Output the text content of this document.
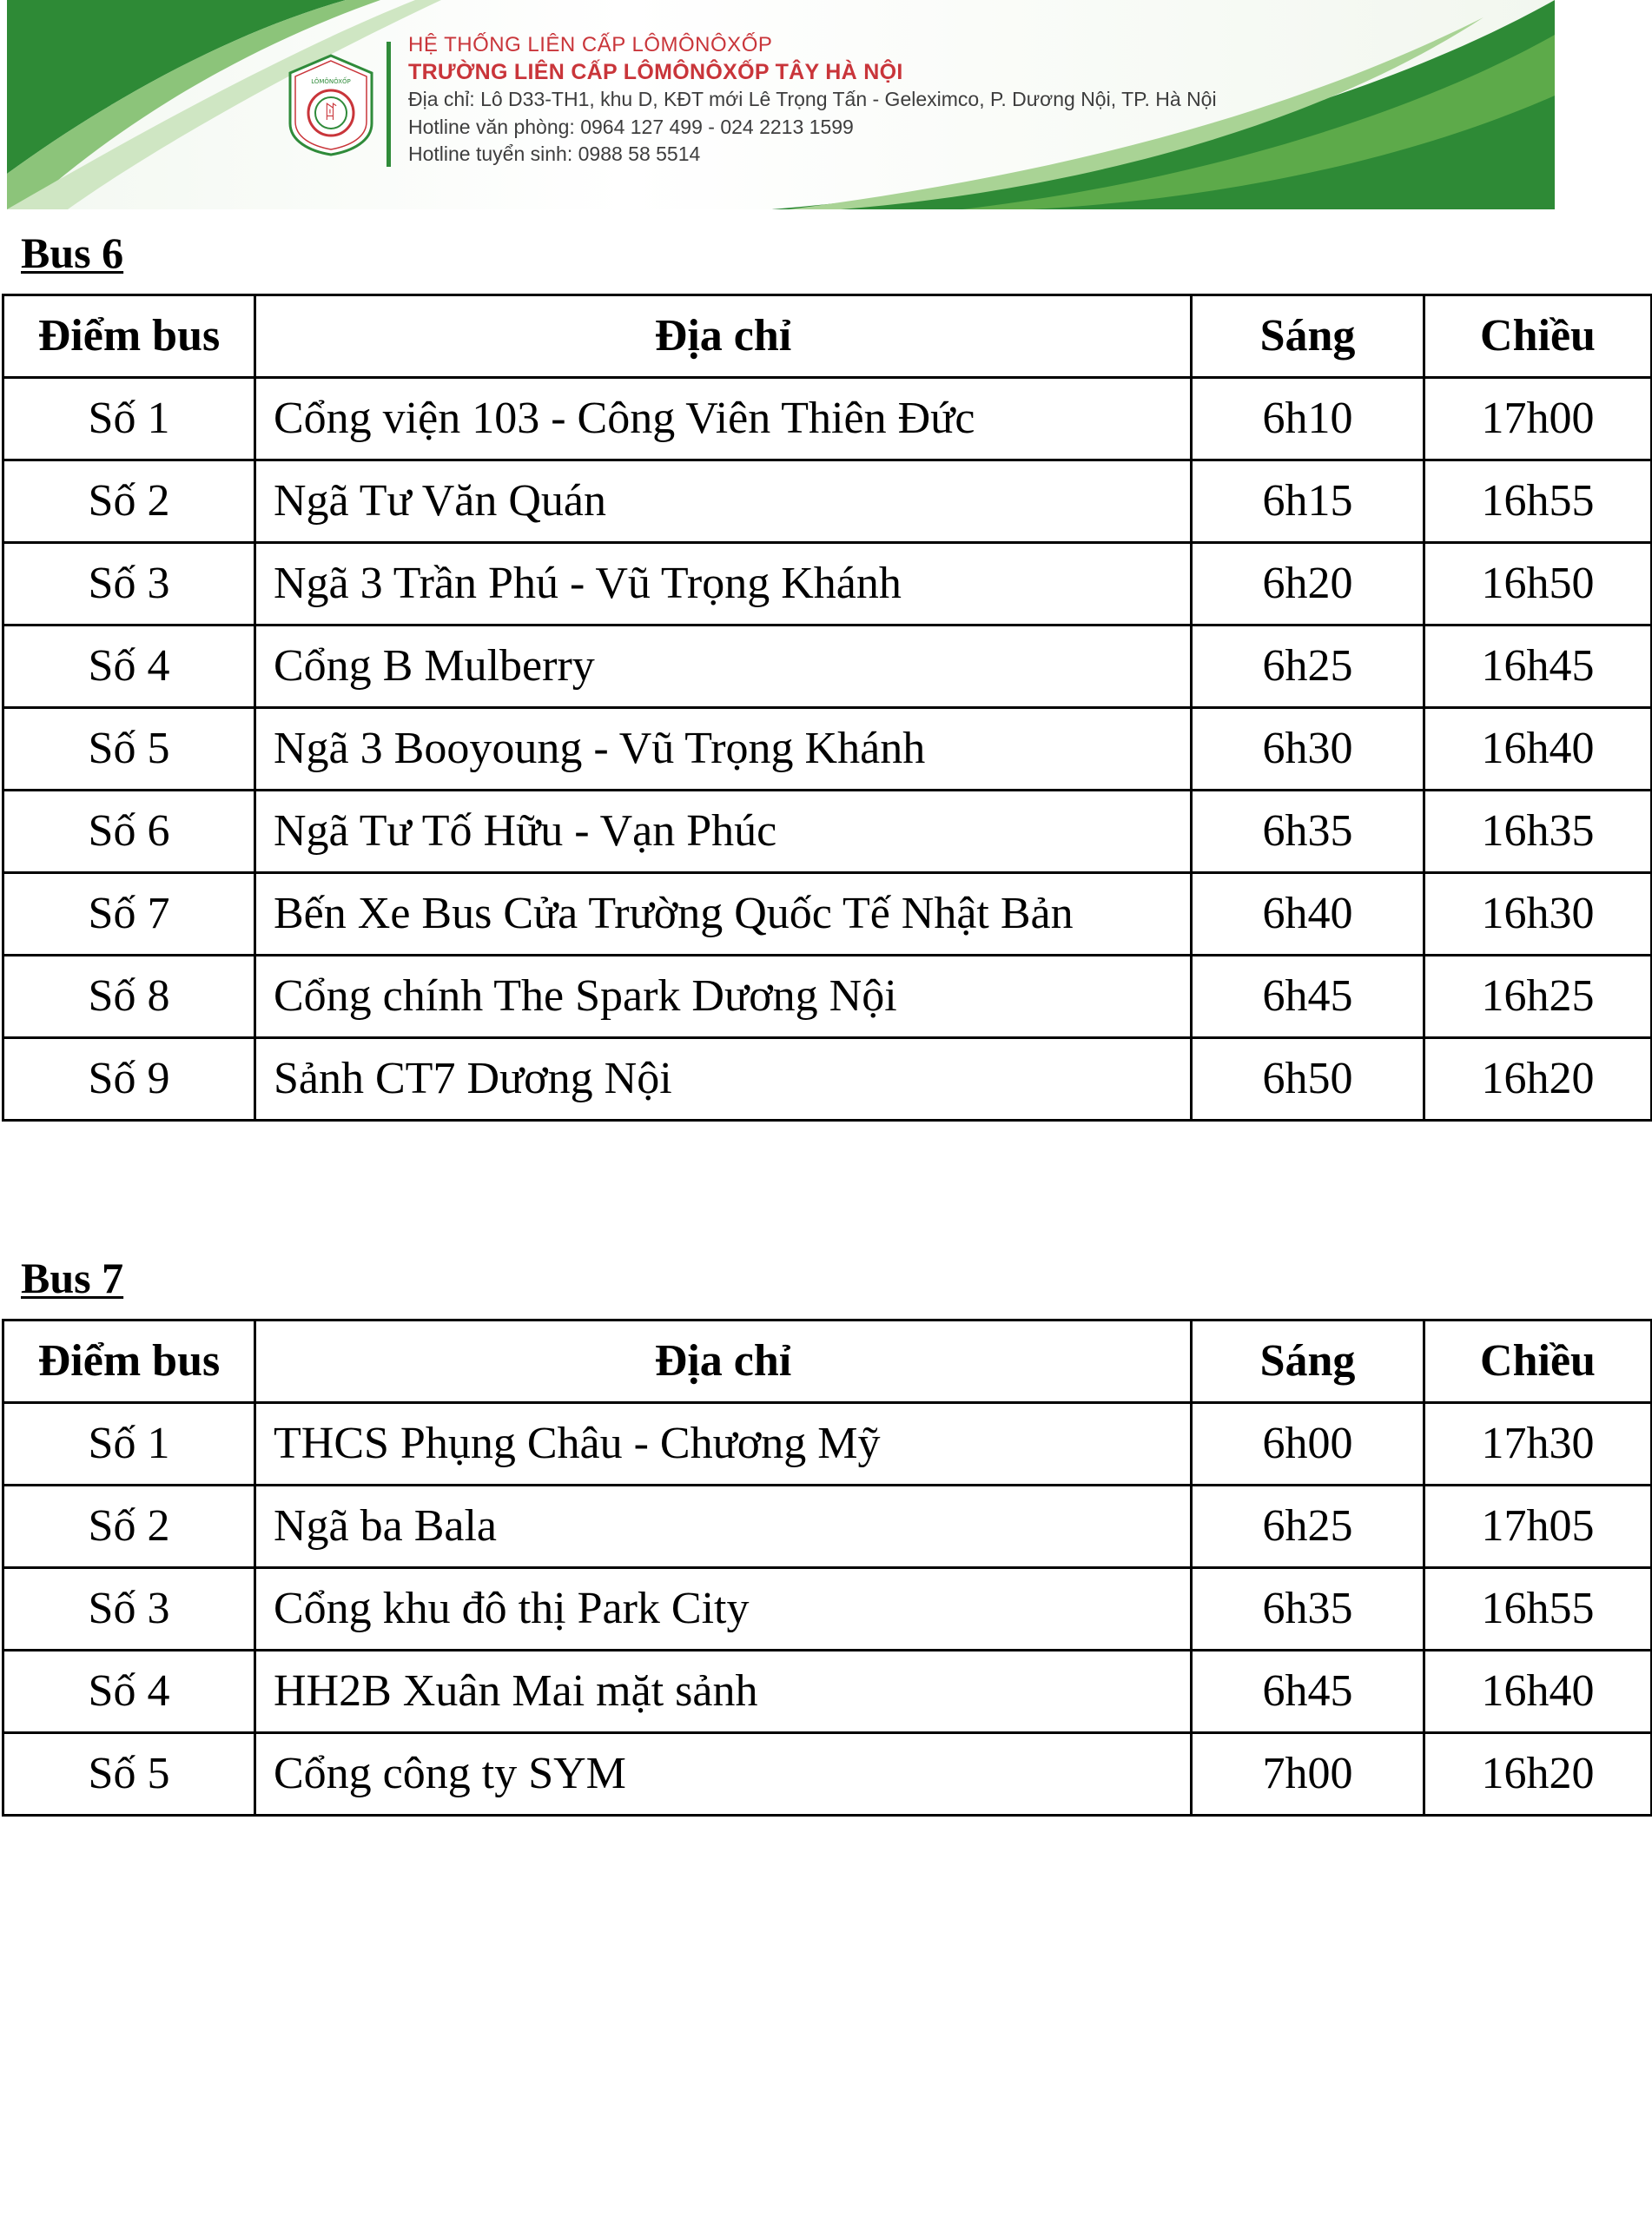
ꍏ
LÔMÔNÔXỐP
HỆ THỐNG LIÊN CẤP LÔMÔNÔXỐP
TRƯỜNG LIÊN CẤP LÔMÔNÔXỐP TÂY HÀ NỘI
Địa chỉ: Lô D33-TH1, khu D, KĐT mới Lê Trọng Tấn - Geleximco, P. Dương Nội, TP. Hà Nội
Hotline văn phòng: 0964 127 499 - 024 2213 1599
Hotline tuyển sinh: 0988 58 5514
Bus 6
Điểm bus	Địa chỉ	Sáng	Chiều
Số 1	Cổng viện 103 - Công Viên Thiên Đức	6h10	17h00
Số 2	Ngã Tư Văn Quán	6h15	16h55
Số 3	Ngã 3 Trần Phú - Vũ Trọng Khánh	6h20	16h50
Số 4	Cổng B Mulberry	6h25	16h45
Số 5	Ngã 3 Booyoung - Vũ Trọng Khánh	6h30	16h40
Số 6	Ngã Tư Tố Hữu - Vạn Phúc	6h35	16h35
Số 7	Bến Xe Bus Cửa Trường Quốc Tế Nhật Bản	6h40	16h30
Số 8	Cổng chính The Spark Dương Nội	6h45	16h25
Số 9	Sảnh CT7 Dương Nội	6h50	16h20
Bus 7
Điểm bus	Địa chỉ	Sáng	Chiều
Số 1	THCS Phụng Châu - Chương Mỹ	6h00	17h30
Số 2	Ngã ba Bala	6h25	17h05
Số 3	Cổng khu đô thị Park City	6h35	16h55
Số 4	HH2B Xuân Mai mặt sảnh	6h45	16h40
Số 5	Cổng công ty SYM	7h00	16h20
